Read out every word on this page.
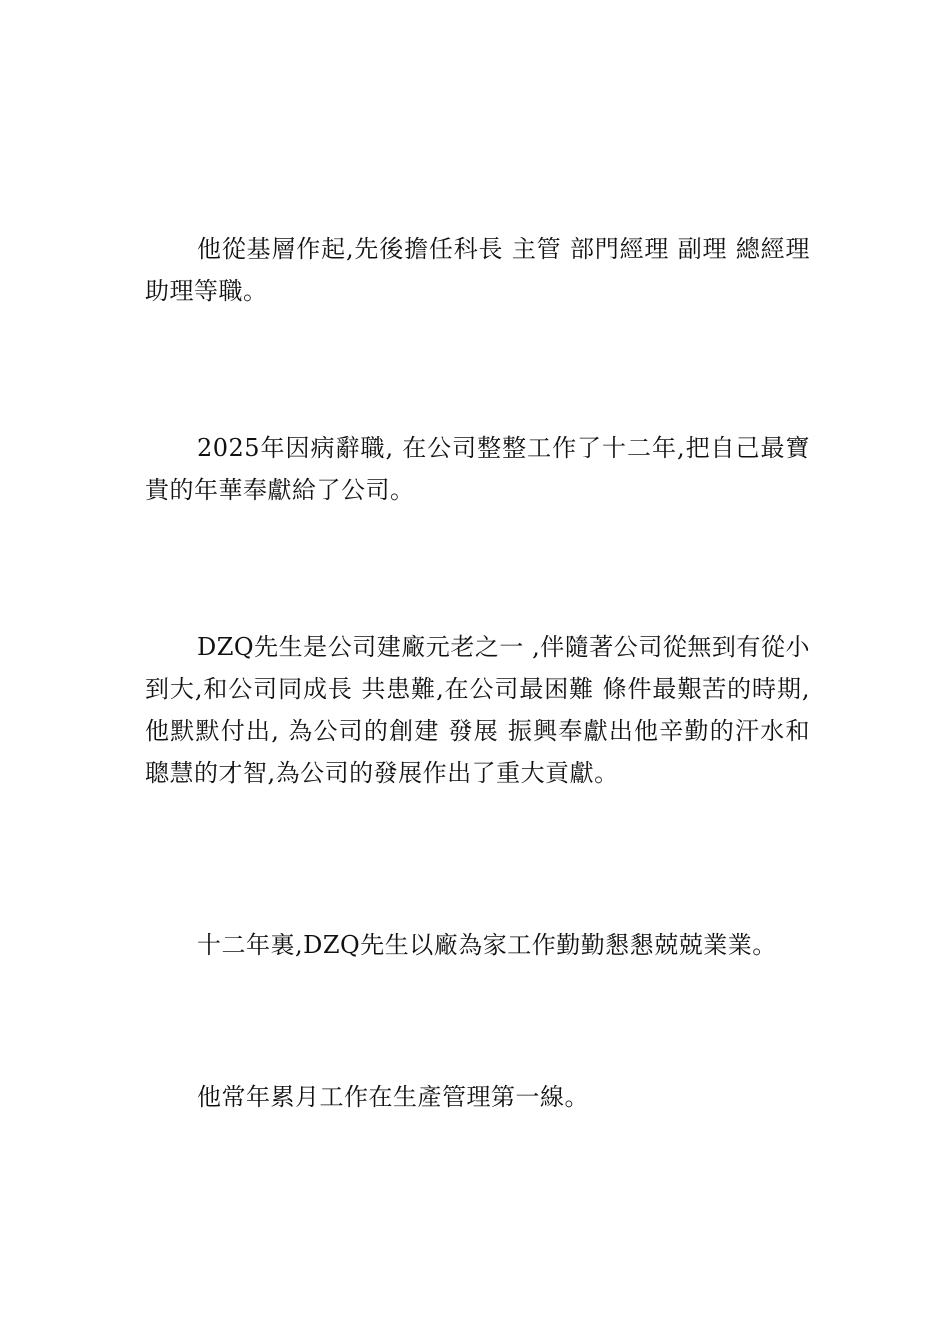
他從基層作起,先後擔任科長 主管 部門經理 副理 總經理助理等職。

2025年因病辭職, 在公司整整工作了十二年,把自己最寶貴的年華奉獻給了公司。

DZQ先生是公司建廠元老之一 ,伴隨著公司從無到有從小到大,和公司同成長 共患難,在公司最困難 條件最艱苦的時期,他默默付出, 為公司的創建 發展 振興奉獻出他辛勤的汗水和聰慧的才智,為公司的發展作出了重大貢獻。

十二年裏,DZQ先生以廠為家工作勤勤懇懇兢兢業業。

他常年累月工作在生產管理第一線。
